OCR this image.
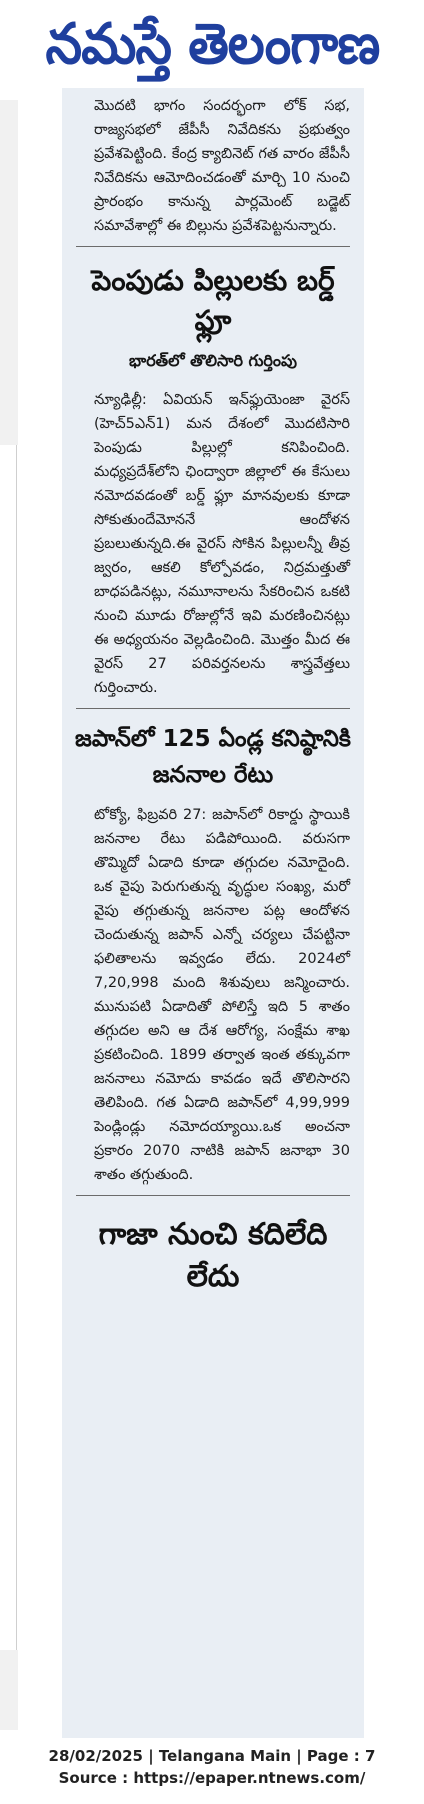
నమస్తే తెలంగాణ
మొదటి భాగం సందర్భంగా లోక్ సభ, రాజ్యసభలో జేపీసీ నివేదికను ప్రభుత్వం ప్రవేశపెట్టింది. కేంద్ర క్యాబినెట్ గత వారం జేపీసీ నివేదికను ఆమోదించడంతో మార్చి 10 నుంచి ప్రారంభం కానున్న పార్లమెంట్ బడ్జెట్ సమావేశాల్లో ఈ బిల్లును ప్రవేశపెట్టనున్నారు.
పెంపుడు పిల్లులకు బర్డ్ ఫ్లూ
భారత్‌లో తొలిసారి గుర్తింపు
న్యూఢిల్లీ: ఏవియన్ ఇన్‌ఫ్లుయెంజా వైరస్ (హెచ్5ఎన్1) మన దేశంలో మొదటిసారి పెంపుడు పిల్లుల్లో కనిపించింది. మధ్యప్రదేశ్‌లోని ఛింద్వారా జిల్లాలో ఈ కేసులు నమోదవడంతో బర్డ్ ఫ్లూ మానవులకు కూడా సోకుతుందేమోననే ఆందోళన ప్రబలుతున్నది.ఈ వైరస్ సోకిన పిల్లులన్నీ తీవ్ర జ్వరం, ఆకలి కోల్పోవడం, నిద్రమత్తుతో బాధపడినట్లు, నమూనాలను సేకరించిన ఒకటి నుంచి మూడు రోజుల్లోనే ఇవి మరణించినట్లు ఈ అధ్యయనం వెల్లడించింది. మొత్తం మీద ఈ వైరస్ 27 పరివర్తనలను శాస్త్రవేత్తలు గుర్తించారు.
జపాన్‌లో 125 ఏండ్ల కనిష్ఠానికి జననాల రేటు
టోక్యో, ఫిబ్రవరి 27: జపాన్‌లో రికార్డు స్థాయికి జననాల రేటు పడిపోయింది. వరుసగా తొమ్మిదో ఏడాది కూడా తగ్గుదల నమోదైంది. ఒక వైపు పెరుగుతున్న వృద్ధుల సంఖ్య, మరో వైపు తగ్గుతున్న జననాల పట్ల ఆందోళన చెందుతున్న జపాన్ ఎన్నో చర్యలు చేపట్టినా ఫలితాలను ఇవ్వడం లేదు. 2024లో 7,20,998 మంది శిశువులు జన్మించారు. మునుపటి ఏడాదితో పోలిస్తే ఇది 5 శాతం తగ్గుదల అని ఆ దేశ ఆరోగ్య, సంక్షేమ శాఖ ప్రకటించింది. 1899 తర్వాత ఇంత తక్కువగా జననాలు నమోదు కావడం ఇదే తొలిసారని తెలిపింది. గత ఏడాది జపాన్‌లో 4,99,999 పెండ్లిండ్లు నమోదయ్యాయి.ఒక అంచనా ప్రకారం 2070 నాటికి జపాన్ జనాభా 30 శాతం తగ్గుతుంది.
గాజా నుంచి కదిలేది లేదు
28/02/2025 | Telangana Main | Page : 7
Source : https://epaper.ntnews.com/
